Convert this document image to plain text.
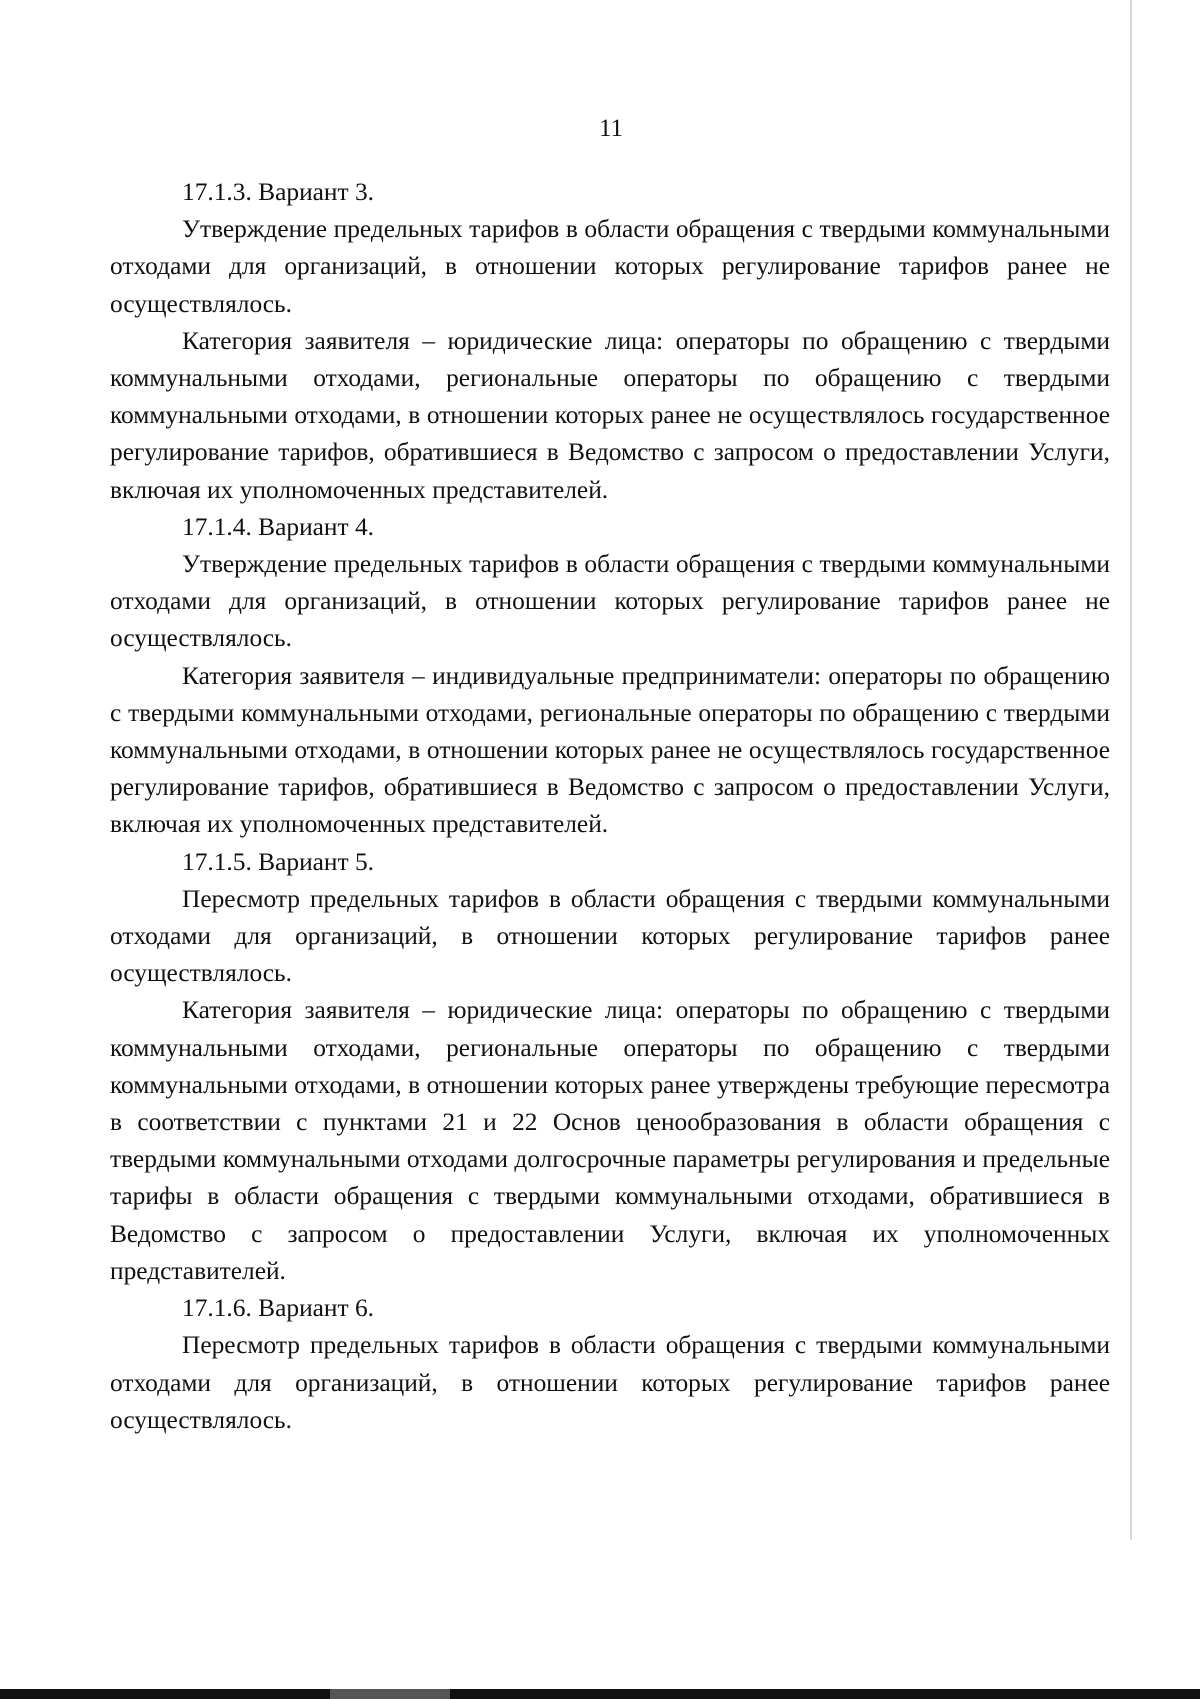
11

17.1.3. Вариант 3.

Утверждение предельных тарифов в области обращения с твердыми коммунальными отходами для организаций, в отношении которых регулирование тарифов ранее не осуществлялось.

Категория заявителя – юридические лица: операторы по обращению с твердыми коммунальными отходами, региональные операторы по обращению с твердыми коммунальными отходами, в отношении которых ранее не осуществлялось государственное регулирование тарифов, обратившиеся в Ведомство с запросом о предоставлении Услуги, включая их уполномоченных представителей.

17.1.4. Вариант 4.

Утверждение предельных тарифов в области обращения с твердыми коммунальными отходами для организаций, в отношении которых регулирование тарифов ранее не осуществлялось.

Категория заявителя – индивидуальные предприниматели: операторы по обращению с твердыми коммунальными отходами, региональные операторы по обращению с твердыми коммунальными отходами, в отношении которых ранее не осуществлялось государственное регулирование тарифов, обратившиеся в Ведомство с запросом о предоставлении Услуги, включая их уполномоченных представителей.

17.1.5. Вариант 5.

Пересмотр предельных тарифов в области обращения с твердыми коммунальными отходами для организаций, в отношении которых регулирование тарифов ранее осуществлялось.

Категория заявителя – юридические лица: операторы по обращению с твердыми коммунальными отходами, региональные операторы по обращению с твердыми коммунальными отходами, в отношении которых ранее утверждены требующие пересмотра в соответствии с пунктами 21 и 22 Основ ценообразования в области обращения с твердыми коммунальными отходами долгосрочные параметры регулирования и предельные тарифы в области обращения с твердыми коммунальными отходами, обратившиеся в Ведомство с запросом о предоставлении Услуги, включая их уполномоченных представителей.

17.1.6. Вариант 6.

Пересмотр предельных тарифов в области обращения с твердыми коммунальными отходами для организаций, в отношении которых регулирование тарифов ранее осуществлялось.
